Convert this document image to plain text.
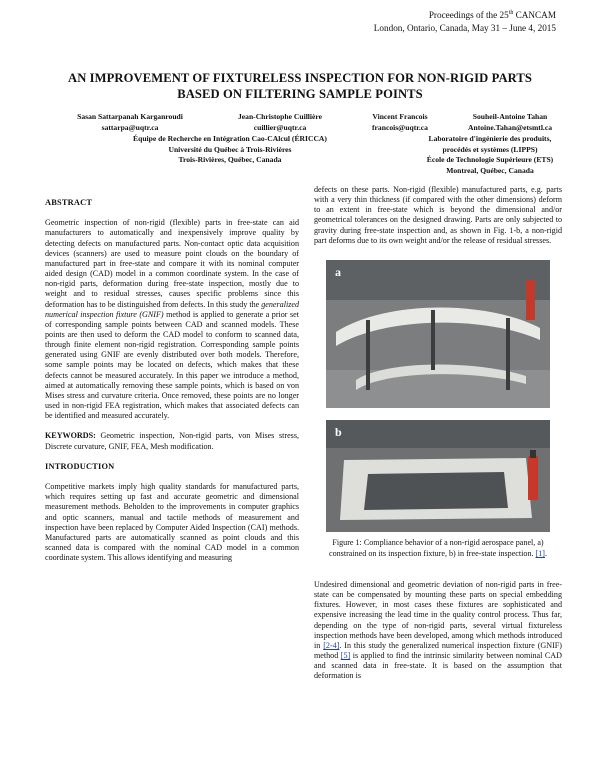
Proceedings of the 25th CANCAM
London, Ontario, Canada, May 31 – June 4, 2015
AN IMPROVEMENT OF FIXTURELESS INSPECTION FOR NON-RIGID PARTS
BASED ON FILTERING SAMPLE POINTS
Sasan Sattarpanah Karganroudi
sattarpa@uqtr.ca
Jean-Christophe Cuillière
cuillier@uqtr.ca
Vincent Francois
francois@uqtr.ca
Souheil-Antoine Tahan
Antoine.Tahan@etsmtl.ca
Équipe de Recherche en Intégration Cao-CAlcul (ÉRICCA)
Université du Québec à Trois-Rivières
Trois-Rivières, Québec, Canada
Laboratoire d'ingénierie des produits,
procédés et systèmes (LIPPS)
École de Technologie Supérieure (ETS)
Montreal, Québec, Canada

ABSTRACT

Geometric inspection of non-rigid (flexible) parts in free-state can aid manufacturers to automatically and inexpensively improve quality by detecting defects on manufactured parts. Non-contact optic data acquisition devices (scanners) are used to measure point clouds on the boundary of manufactured part in free-state and compare it with its nominal computer aided design (CAD) model in a common coordinate system. In the case of non-rigid parts, deformation during free-state inspection, mostly due to weight and to residual stresses, causes specific problems since this deformation has to be distinguished from defects. In this study the generalized numerical inspection fixture (GNIF) method is applied to generate a prior set of corresponding sample points between CAD and scanned models. These points are then used to deform the CAD model to conform to scanned data, through finite element non-rigid registration. Corresponding sample points generated using GNIF are evenly distributed over both models. Therefore, some sample points may be located on defects, which makes that these defects cannot be measured accurately. In this paper we introduce a method, aimed at automatically removing these sample points, which is based on von Mises stress and curvature criteria. Once removed, these points are no longer used in non-rigid FEA registration, which makes that associated defects can be identified and measured accurately.

KEYWORDS: Geometric inspection, Non-rigid parts, von Mises stress, Discrete curvature, GNIF, FEA, Mesh modification.

INTRODUCTION

Competitive markets imply high quality standards for manufactured parts, which requires setting up fast and accurate geometric and dimensional measurement methods. Beholden to the improvements in computer graphics and optic scanners, manual and tactile methods of measurement and inspection have been replaced by Computer Aided Inspection (CAI) methods. Manufactured parts are automatically scanned as point clouds and this scanned data is compared with the nominal CAD model in a common coordinate system. This allows identifying and measuring

defects on these parts. Non-rigid (flexible) manufactured parts, e.g. parts with a very thin thickness (if compared with the other dimensions) deform to an extent in free-state which is beyond the dimensional and/or geometrical tolerances on the designed drawing. Parts are only subjected to gravity during free-state inspection and, as shown in Fig. 1-b, a non-rigid part deforms due to its own weight and/or the release of residual stresses.
a
b
Figure 1: Compliance behavior of a non-rigid aerospace panel, a) constrained on its inspection fixture, b) in free-state inspection. [1].
Undesired dimensional and geometric deviation of non-rigid parts in free-state can be compensated by mounting these parts on special embedding fixtures. However, in most cases these fixtures are sophisticated and expensive increasing the lead time in the quality control process. Thus far, depending on the type of non-rigid parts, several virtual fixtureless inspection methods have been developed, among which methods introduced in [2-4]. In this study the generalized numerical inspection fixture (GNIF) method [5] is applied to find the intrinsic similarity between nominal CAD and scanned data in free-state. It is based on the assumption that deformation is
